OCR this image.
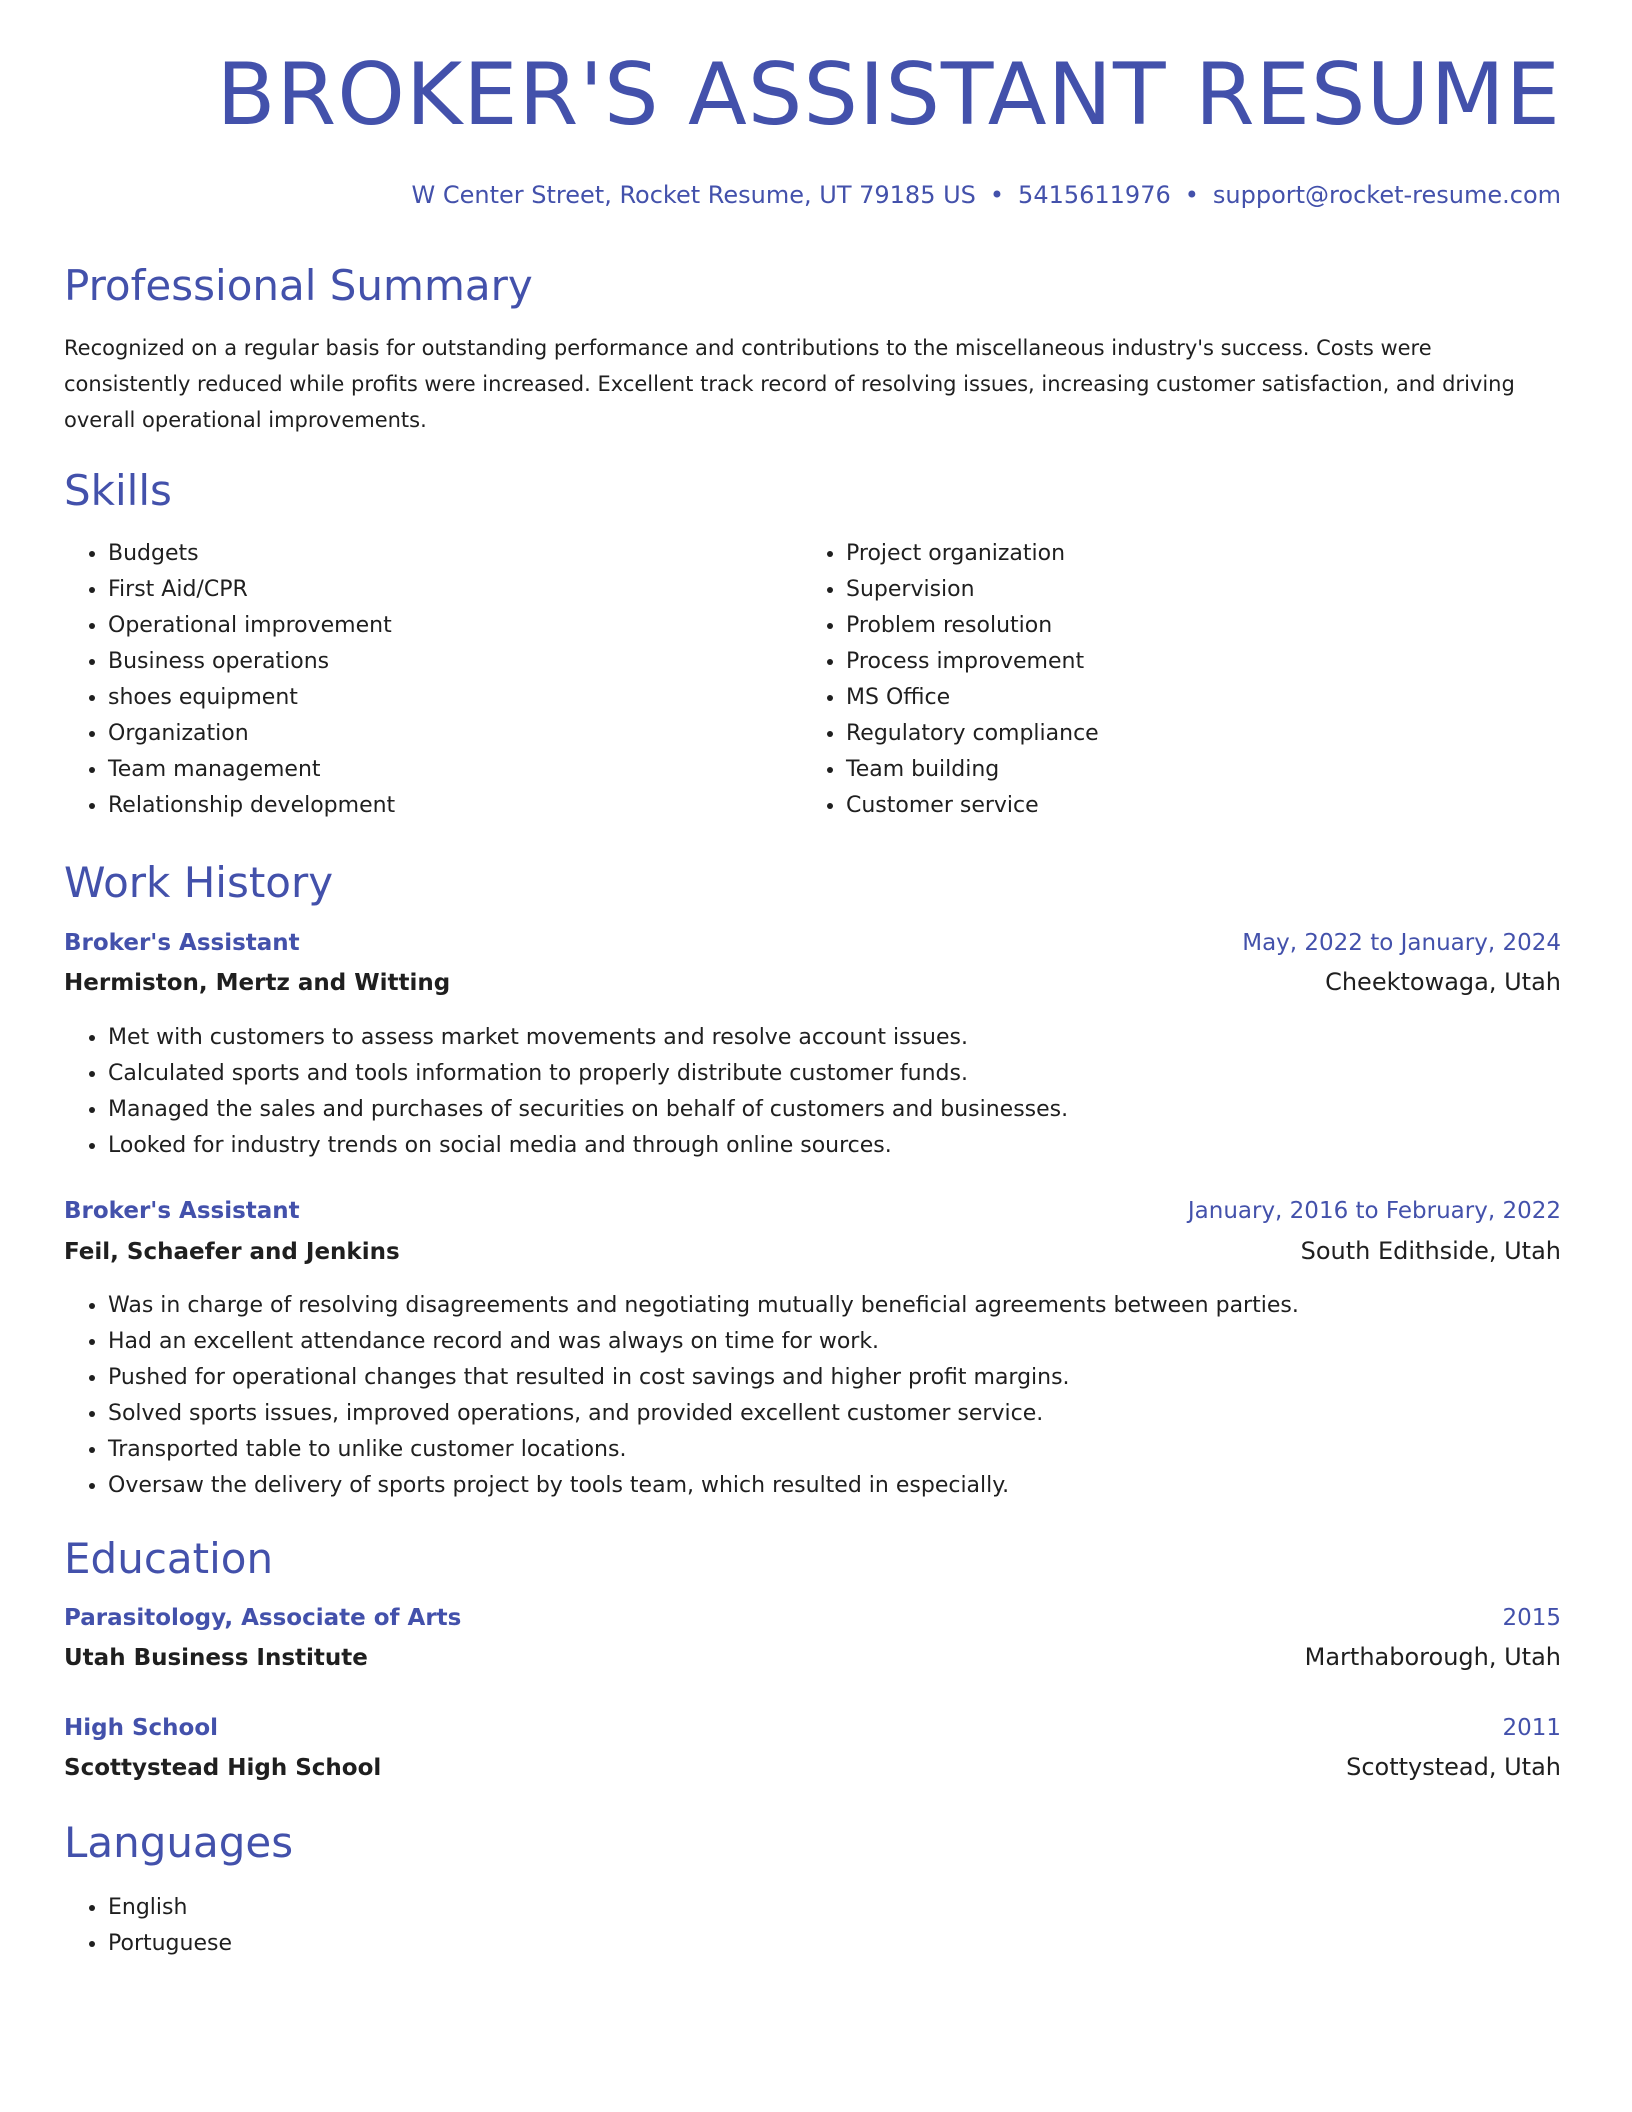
BROKER'S ASSISTANT RESUME
W Center Street, Rocket Resume, UT 79185 US • 5415611976 • support@rocket-resume.com
Professional Summary

Recognized on a regular basis for outstanding performance and contributions to the miscellaneous industry's success. Costs were consistently reduced while profits were increased. Excellent track record of resolving issues, increasing customer satisfaction, and driving overall operational improvements.

Skills
• Budgets
• First Aid/CPR
• Operational improvement
• Business operations
• shoes equipment
• Organization
• Team management
• Relationship development
• Project organization
• Supervision
• Problem resolution
• Process improvement
• MS Office
• Regulatory compliance
• Team building
• Customer service
Work History
Broker's Assistant	May, 2022 to January, 2024
Hermiston, Mertz and Witting	Cheektowaga, Utah
• Met with customers to assess market movements and resolve account issues.
• Calculated sports and tools information to properly distribute customer funds.
• Managed the sales and purchases of securities on behalf of customers and businesses.
• Looked for industry trends on social media and through online sources.
Broker's Assistant	January, 2016 to February, 2022
Feil, Schaefer and Jenkins	South Edithside, Utah
• Was in charge of resolving disagreements and negotiating mutually beneficial agreements between parties.
• Had an excellent attendance record and was always on time for work.
• Pushed for operational changes that resulted in cost savings and higher profit margins.
• Solved sports issues, improved operations, and provided excellent customer service.
• Transported table to unlike customer locations.
• Oversaw the delivery of sports project by tools team, which resulted in especially.
Education
Parasitology, Associate of Arts	2015
Utah Business Institute	Marthaborough, Utah
High School	2011
Scottystead High School	Scottystead, Utah
Languages
• English
• Portuguese
